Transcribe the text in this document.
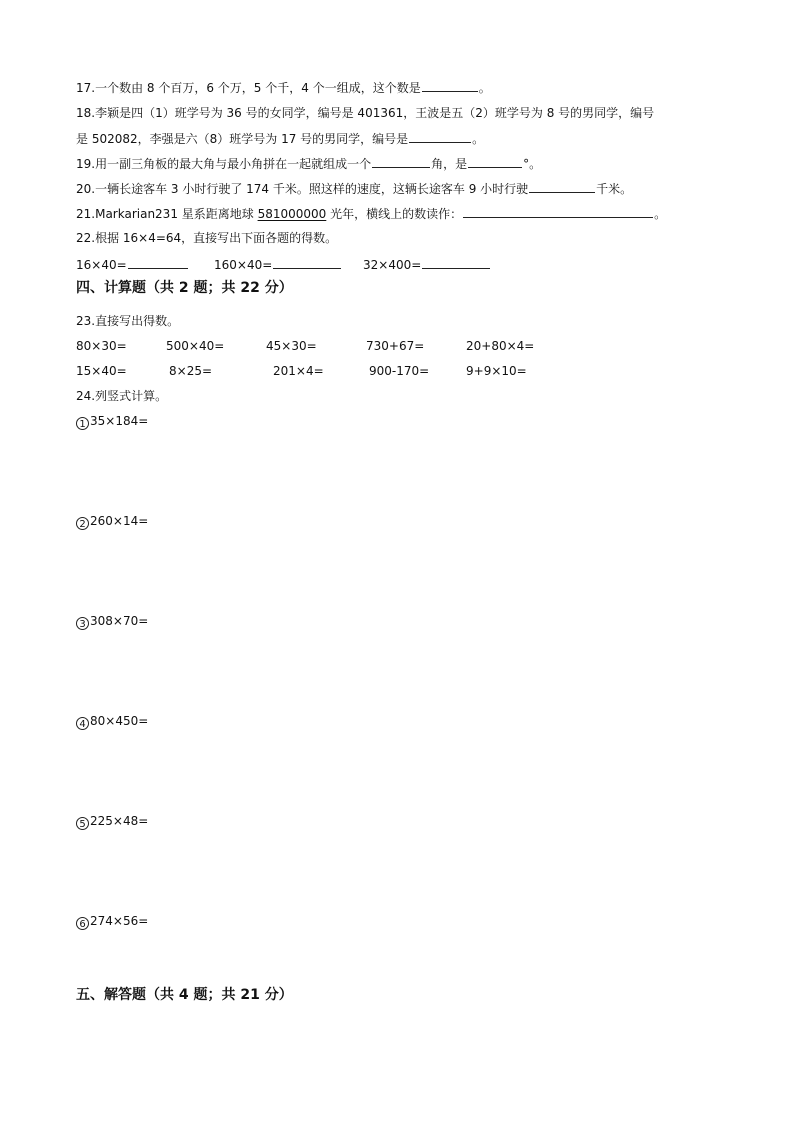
17.一个数由 8 个百万，6 个万，5 个千，4 个一组成，这个数是	。
18.李颖是四（1）班学号为 36 号的女同学，编号是 401361，王波是五（2）班学号为 8 号的男同学，编号
是 502082，李强是六（8）班学号为 17 号的男同学，编号是	。
19.用一副三角板的最大角与最小角拼在一起就组成一个	角，是	°。
20.一辆长途客车 3 小时行驶了 174 千米。照这样的速度，这辆长途客车 9 小时行驶	千米。
21.Markarian231 星系距离地球 581000000 光年，横线上的数读作：	。
22.根据 16×4=64，直接写出下面各题的得数。
16×40=	160×40=	32×400=
四、计算题（共 2 题；共 22 分）
23.直接写出得数。
80×30=	500×40=	45×30=	730+67=	20+80×4=
15×40=	8×25=	201×4=	900-170=	9+9×10=
24.列竖式计算。
1 35×184=
2 260×14=
3 308×70=
4 80×450=
5 225×48=
6 274×56=
五、解答题（共 4 题；共 21 分）
